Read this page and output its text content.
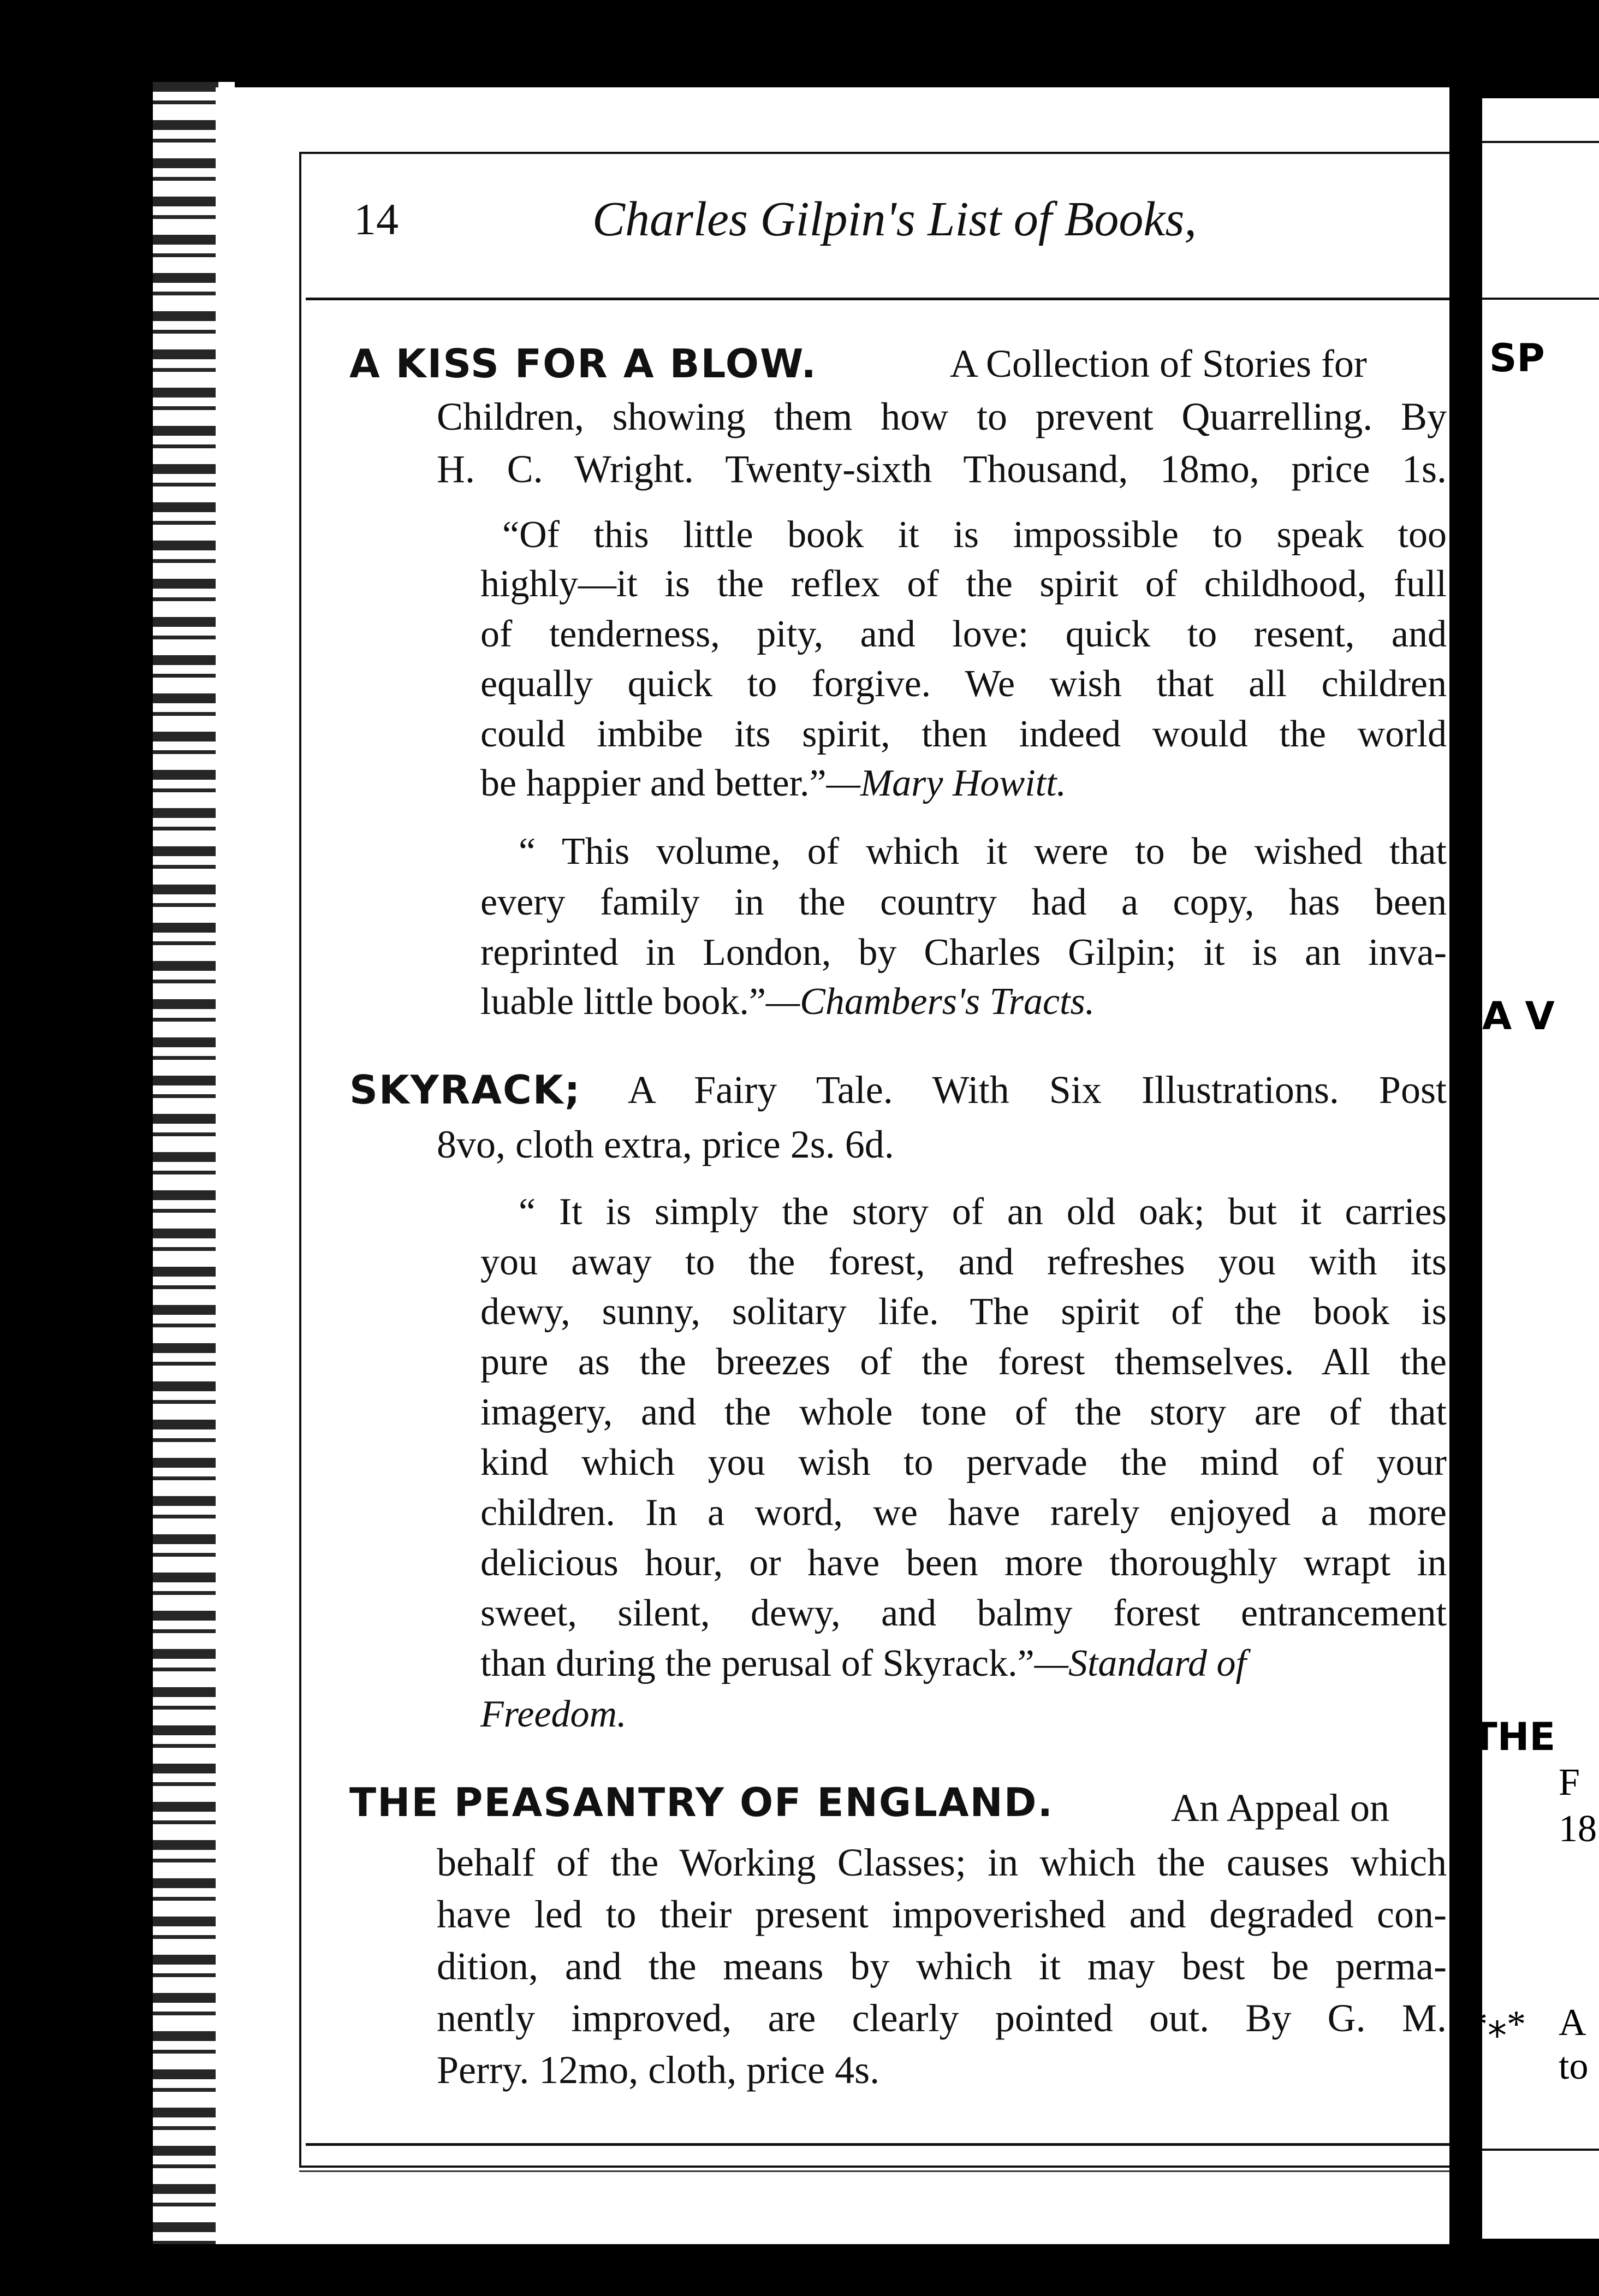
14	Charles Gilpin's List of Books,
A KISS FOR A BLOW.	A Collection of Stories for
Children, showing them how to prevent Quarrelling. By
H. C. Wright. Twenty-sixth Thousand, 18mo, price 1s.
“Of this little book it is impossible to speak too
highly—it is the reflex of the spirit of childhood, full
of tenderness, pity, and love: quick to resent, and
equally quick to forgive. We wish that all children
could imbibe its spirit, then indeed would the world
be happier and better.”—Mary Howitt.
“ This volume, of which it were to be wished that
every family in the country had a copy, has been
reprinted in London, by Charles Gilpin; it is an inva-
luable little book.”—Chambers's Tracts.
SKYRACK; A Fairy Tale. With Six Illustrations. Post
8vo, cloth extra, price 2s. 6d.
“ It is simply the story of an old oak; but it carries
you away to the forest, and refreshes you with its
dewy, sunny, solitary life. The spirit of the book is
pure as the breezes of the forest themselves. All the
imagery, and the whole tone of the story are of that
kind which you wish to pervade the mind of your
children. In a word, we have rarely enjoyed a more
delicious hour, or have been more thoroughly wrapt in
sweet, silent, dewy, and balmy forest entrancement
than during the perusal of Skyrack.”—Standard of
Freedom.
THE PEASANTRY OF ENGLAND.	An Appeal on
behalf of the Working Classes; in which the causes which
have led to their present impoverished and degraded con-
dition, and the means by which it may best be perma-
nently improved, are clearly pointed out. By G. M.
Perry. 12mo, cloth, price 4s.
SP
A V
THE
F
18
*⁎* A
to
